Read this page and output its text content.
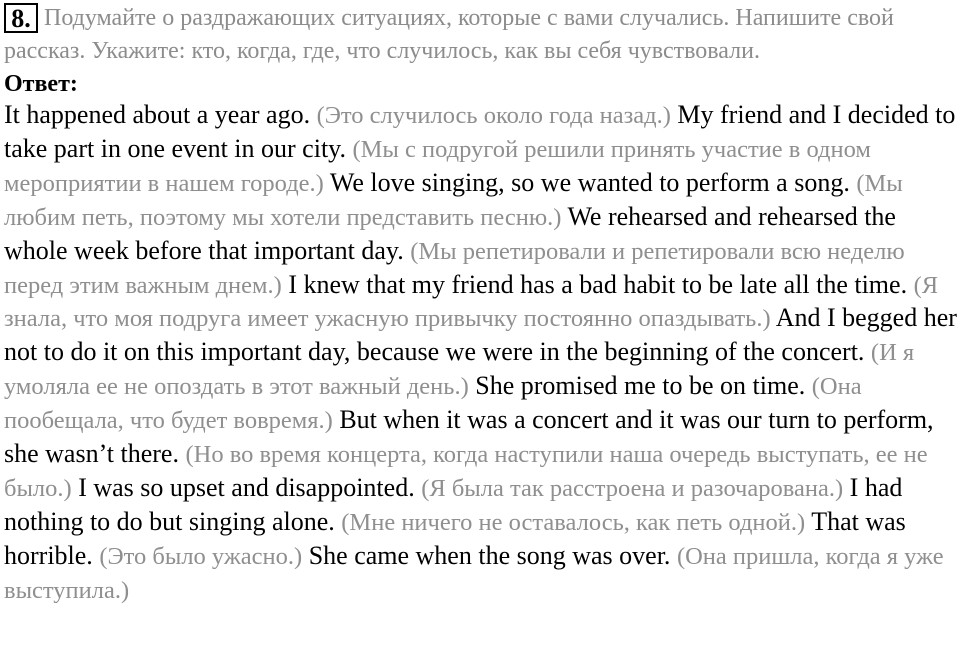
8. Подумайте о раздражающих ситуациях, которые с вами случались. Напишите свой рассказ. Укажите: кто, когда, где, что случилось, как вы себя чувствовали.

Ответ:

It happened about a year ago. (Это случилось около года назад.) My friend and I decided to take part in one event in our city. (Мы с подругой решили принять участие в одном мероприятии в нашем городе.) We love singing, so we wanted to perform a song. (Мы любим петь, поэтому мы хотели представить песню.) We rehearsed and rehearsed the whole week before that important day. (Мы репетировали и репетировали всю неделю перед этим важным днем.) I knew that my friend has a bad habit to be late all the time. (Я знала, что моя подруга имеет ужасную привычку постоянно опаздывать.) And I begged her not to do it on this important day, because we were in the beginning of the concert. (И я умоляла ее не опоздать в этот важный день.) She promised me to be on time. (Она пообещала, что будет вовремя.) But when it was a concert and it was our turn to perform, she wasn’t there. (Но во время концерта, когда наступили наша очередь выступать, ее не было.) I was so upset and disappointed. (Я была так расстроена и разочарована.) I had nothing to do but singing alone. (Мне ничего не оставалось, как петь одной.) That was horrible. (Это было ужасно.) She came when the song was over. (Она пришла, когда я уже выступила.)
